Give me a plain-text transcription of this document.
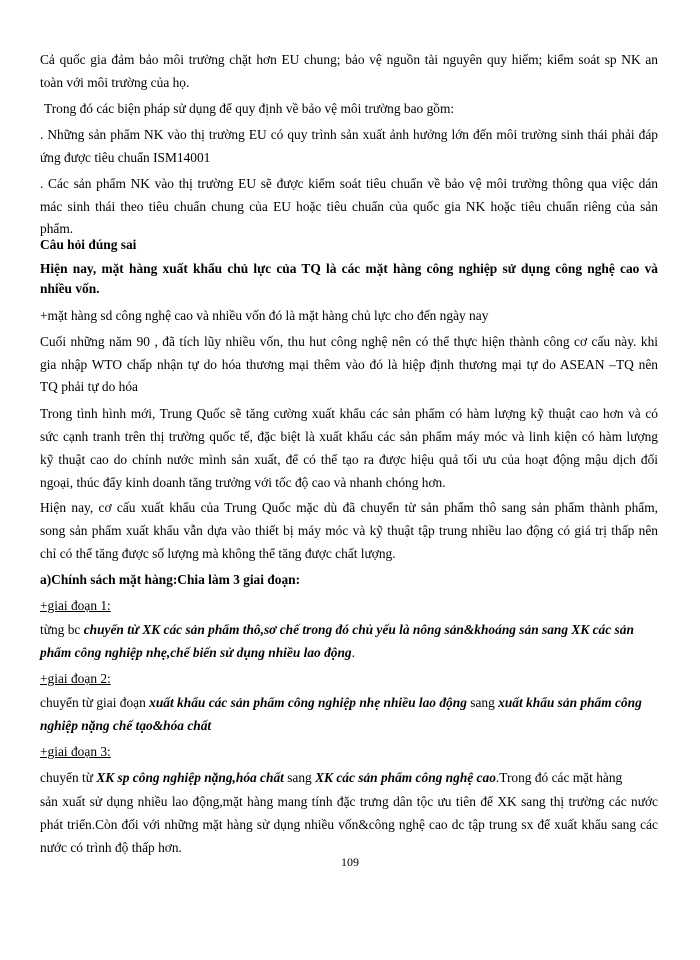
Cả quốc gia đảm bảo môi trường chặt hơn EU chung; bảo vệ nguồn tài nguyên quy hiếm; kiểm soát sp NK an
toàn với môi trường của họ.
Trong đó các biện pháp sử dụng để quy định về bảo vệ môi trường bao gồm:
. Những sản phẩm NK vào thị trường EU có quy trình sản xuất ảnh hưởng lớn đến môi trường sinh thái phải đáp
ứng được tiêu chuẩn ISM14001
. Các sản phẩm NK vào thị trường EU sẽ được kiểm soát tiêu chuẩn về bảo vệ môi trường thông qua việc dán
mác sinh thái theo tiêu chuẩn chung của EU hoặc tiêu chuẩn của quốc gia NK hoặc tiêu chuẩn riêng của sản
phẩm.
Câu hỏi đúng sai
Hiện nay, mặt hàng xuất khẩu chủ lực của TQ là các mặt hàng công nghiệp sử dụng công nghệ cao và
nhiều vốn.
+mặt hàng sd công nghệ cao và nhiều vốn đó là mặt hàng chủ lực cho đến ngày nay
Cuối những năm 90 , đã tích lũy nhiều vốn, thu hut công nghệ nên có thể thực hiện thành công cơ cấu này. khi
gia nhập WTO chấp nhận tự do hóa thương mại thêm vào đó là hiệp định thương mại tự do ASEAN –TQ nên
TQ phải tự do hóa
Trong tình hình mới, Trung Quốc sẽ tăng cường xuất khẩu các sản phẩm có hàm lượng kỹ thuật cao hơn và có
sức cạnh tranh trên thị trường quốc tế, đặc biệt là xuất khẩu các sản phẩm máy móc và linh kiện có hàm lượng
kỹ thuật cao do chính nước mình sản xuất, để có thể tạo ra được hiệu quả tối ưu của hoạt động mậu dịch đối
ngoại, thúc đẩy kinh doanh tăng trưởng với tốc độ cao và nhanh chóng hơn.
Hiện nay, cơ cấu xuất khẩu của Trung Quốc mặc dù đã chuyển từ sản phẩm thô sang sản phẩm thành phẩm,
song sản phẩm xuất khẩu vẫn dựa vào thiết bị máy móc và kỹ thuật tập trung nhiều lao động có giá trị thấp nên
chỉ có thể tăng được số lượng mà không thể tăng được chất lượng.
a)Chính sách mặt hàng:Chia làm 3 giai đoạn:
+giai đoạn 1:
từng bc chuyển từ XK các sản phẩm thô,sơ chế trong đó chủ yếu là nông sản&khoáng sản sang XK các sản
phẩm công nghiệp nhẹ,chế biến sử dụng nhiều lao động.
+giai đoạn 2:
chuyển từ giai đoạn xuất khẩu các sản phẩm công nghiệp nhẹ nhiều lao động sang xuất khẩu sản phẩm công
nghiệp nặng chế tạo&hóa chất
+giai đoạn 3:
chuyển từ XK sp công nghiệp nặng,hóa chất sang XK các sản phẩm công nghệ cao.Trong đó các mặt hàng
sản xuất sử dụng nhiều lao động,mặt hàng mang tính đặc trưng dân tộc ưu tiên để XK sang thị trường các nước
phát triển.Còn đối với những mặt hàng sử dụng nhiều vốn&công nghệ cao dc tập trung sx để xuất khẩu sang các
nước có trình độ thấp hơn.
109
